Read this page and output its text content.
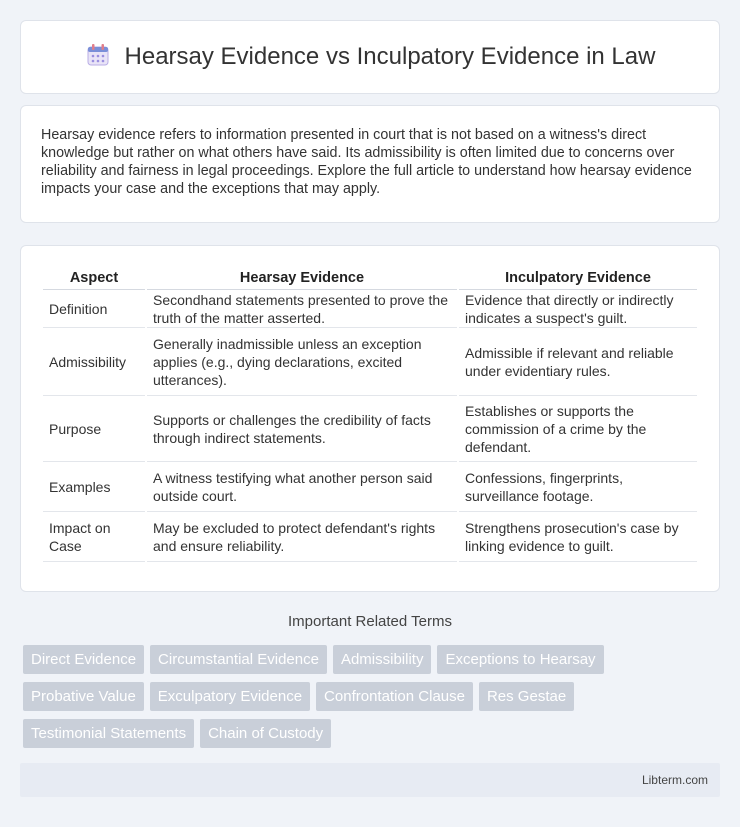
Hearsay Evidence vs Inculpatory Evidence in Law

Hearsay evidence refers to information presented in court that is not based on a witness's direct knowledge but rather on what others have said. Its admissibility is often limited due to concerns over reliability and fairness in legal proceedings. Explore the full article to understand how hearsay evidence impacts your case and the exceptions that may apply.

Aspect	Hearsay Evidence	Inculpatory Evidence
Definition	Secondhand statements presented to prove the truth of the matter asserted.	Evidence that directly or indirectly indicates a suspect's guilt.
Admissibility	Generally inadmissible unless an exception applies (e.g., dying declarations, excited utterances).	Admissible if relevant and reliable under evidentiary rules.
Purpose	Supports or challenges the credibility of facts through indirect statements.	Establishes or supports the commission of a crime by the defendant.
Examples	A witness testifying what another person said outside court.	Confessions, fingerprints, surveillance footage.
Impact on Case	May be excluded to protect defendant's rights and ensure reliability.	Strengthens prosecution's case by linking evidence to guilt.
Important Related Terms
Direct Evidence	Circumstantial Evidence	Admissibility	Exceptions to Hearsay
Probative Value	Exculpatory Evidence	Confrontation Clause	Res Gestae
Testimonial Statements	Chain of Custody
Libterm.com
